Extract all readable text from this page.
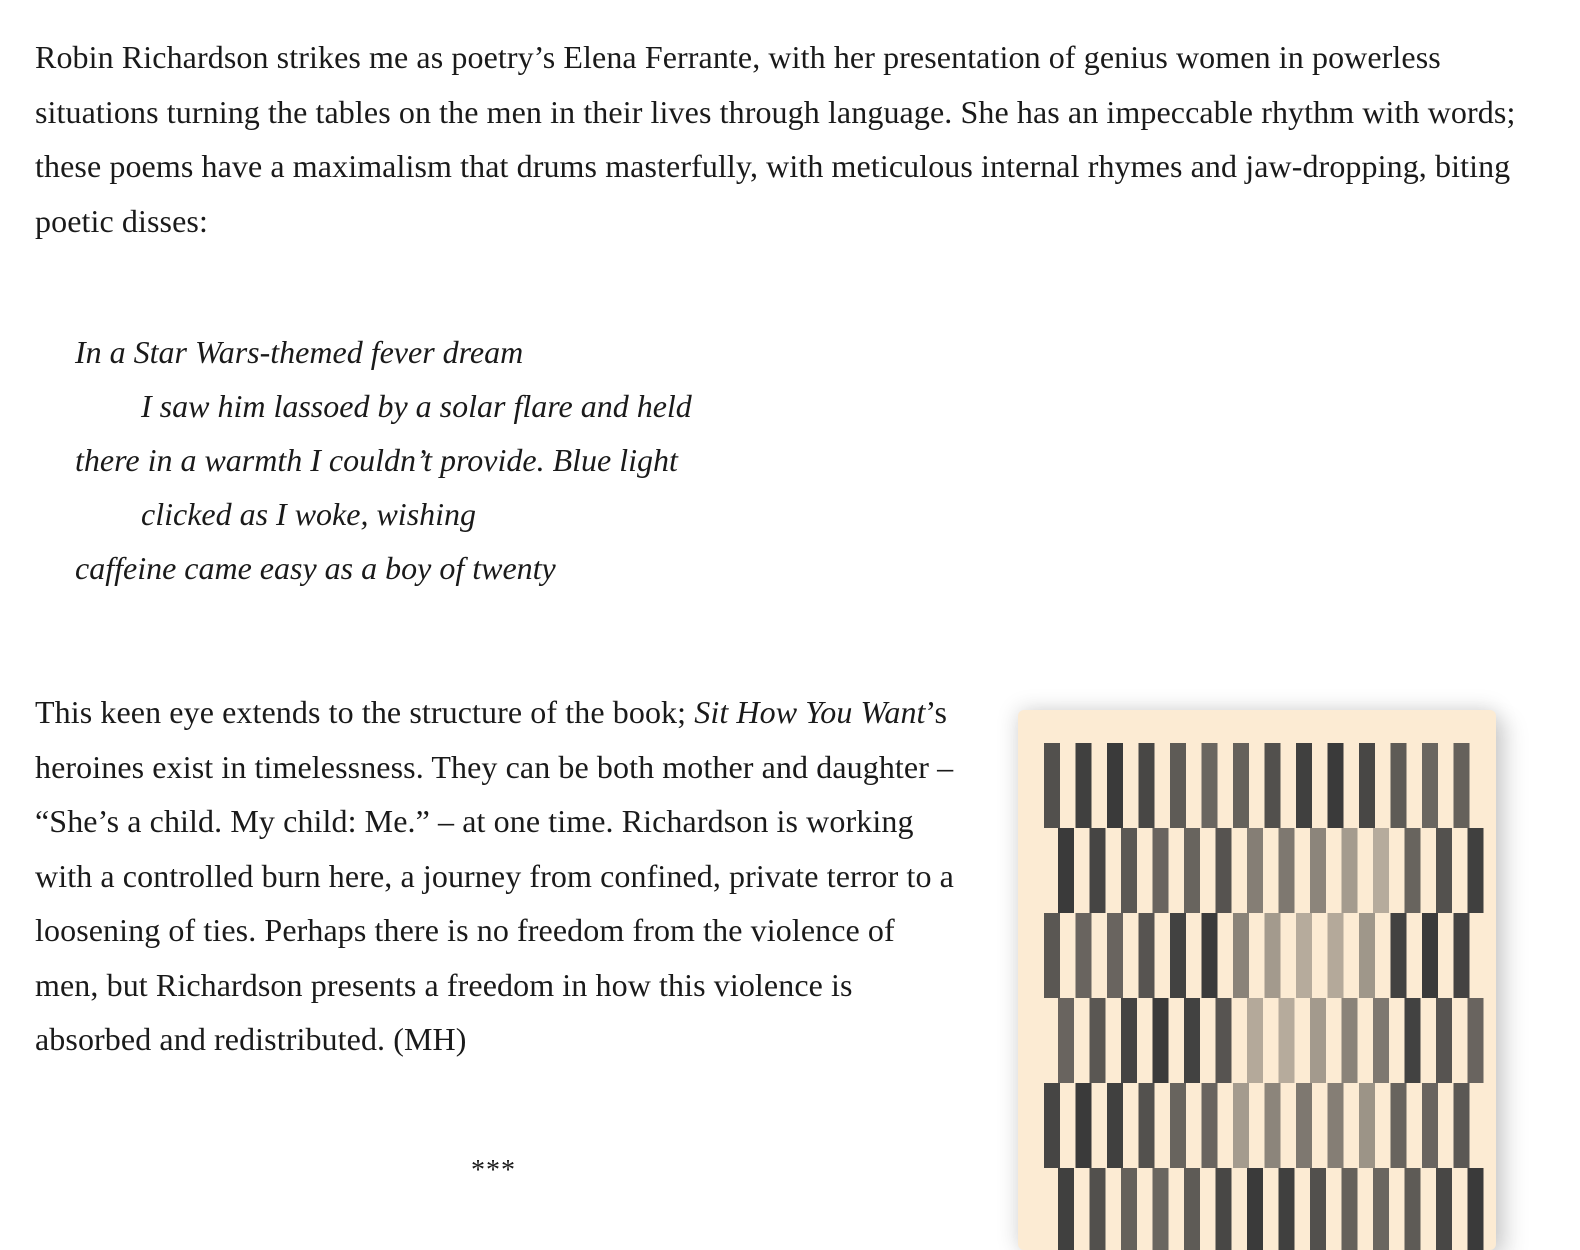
Robin Richardson strikes me as poetry’s Elena Ferrante, with her presentation of genius women in powerless situations turning the tables on the men in their lives through language. She has an impeccable rhythm with words; these poems have a maximalism that drums masterfully, with meticulous internal rhymes and jaw-dropping, biting poetic disses:

In a Star Wars-themed fever dream
I saw him lassoed by a solar flare and held
there in a warmth I couldn’t provide. Blue light
clicked as I woke, wishing
caffeine came easy as a boy of twenty

This keen eye extends to the structure of the book; Sit How You Want’s heroines exist in timelessness. They can be both mother and daughter – “She’s a child. My child: Me.” – at one time. Richardson is working with a controlled burn here, a journey from confined, private terror to a loosening of ties. Perhaps there is no freedom from the violence of men, but Richardson presents a freedom in how this violence is absorbed and redistributed. (MH)

***
